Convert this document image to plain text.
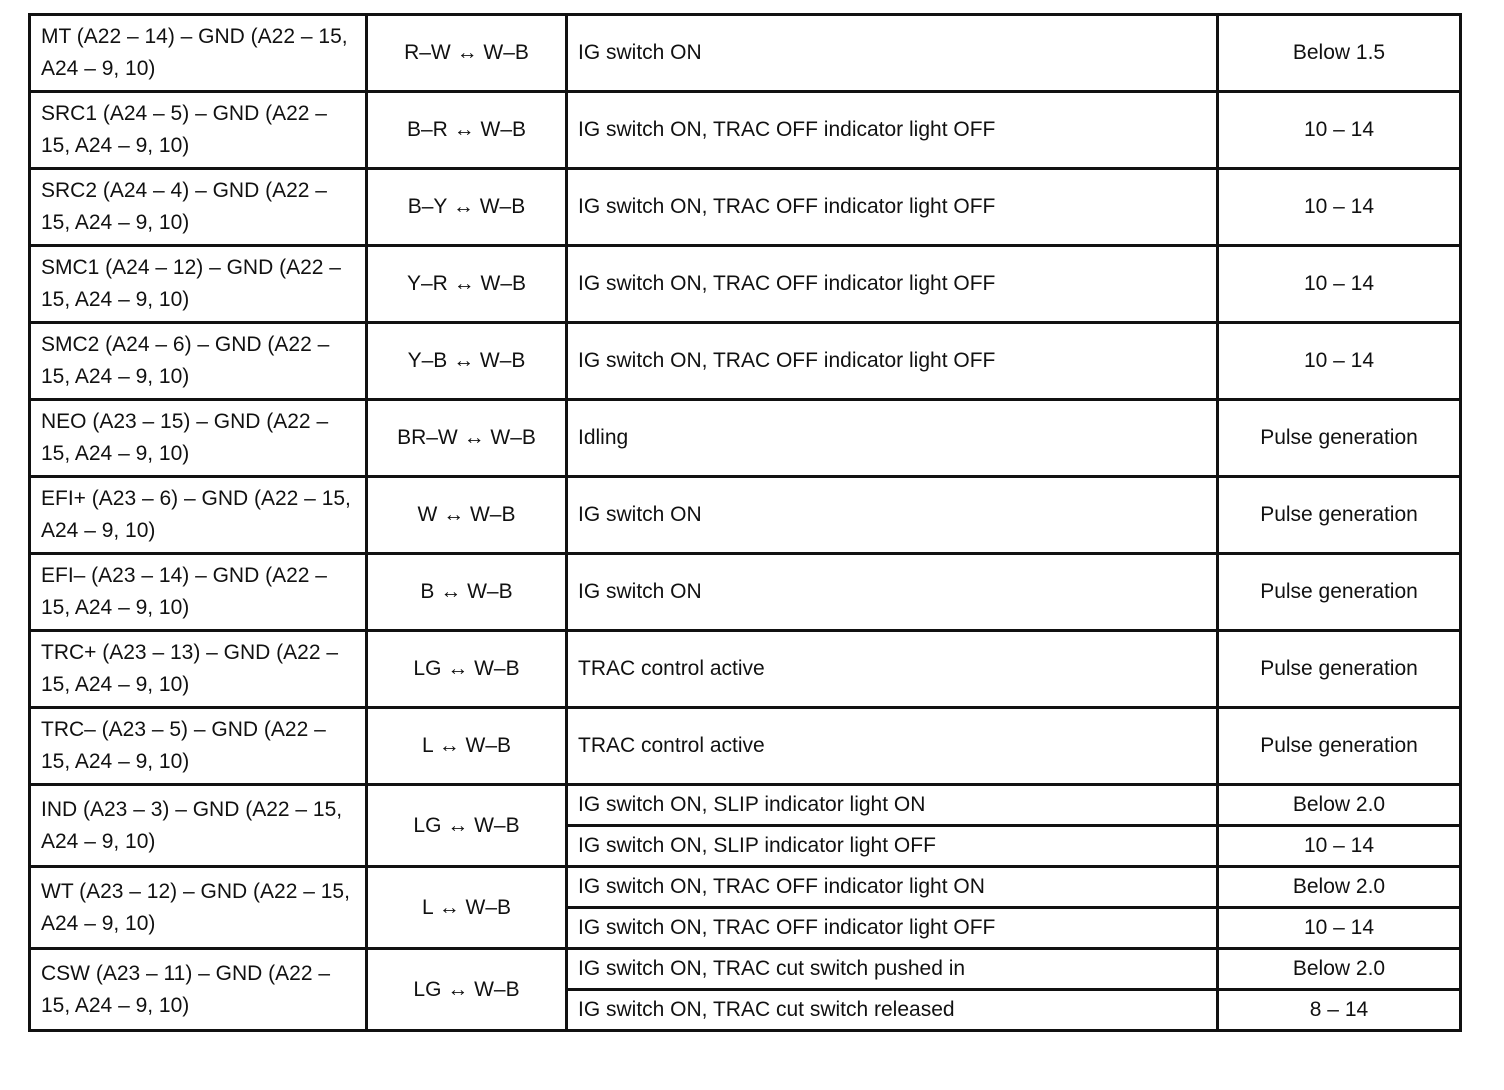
MT (A22 – 14) – GND (A22 – 15, A24 – 9, 10)	R–W ↔ W–B	IG switch ON	Below 1.5
SRC1 (A24 – 5) – GND (A22 – 15, A24 – 9, 10)	B–R ↔ W–B	IG switch ON, TRAC OFF indicator light OFF	10 – 14
SRC2 (A24 – 4) – GND (A22 – 15, A24 – 9, 10)	B–Y ↔ W–B	IG switch ON, TRAC OFF indicator light OFF	10 – 14
SMC1 (A24 – 12) – GND (A22 – 15, A24 – 9, 10)	Y–R ↔ W–B	IG switch ON, TRAC OFF indicator light OFF	10 – 14
SMC2 (A24 – 6) – GND (A22 – 15, A24 – 9, 10)	Y–B ↔ W–B	IG switch ON, TRAC OFF indicator light OFF	10 – 14
NEO (A23 – 15) – GND (A22 – 15, A24 – 9, 10)	BR–W ↔ W–B	Idling	Pulse generation
EFI+ (A23 – 6) – GND (A22 – 15, A24 – 9, 10)	W ↔ W–B	IG switch ON	Pulse generation
EFI– (A23 – 14) – GND (A22 – 15, A24 – 9, 10)	B ↔ W–B	IG switch ON	Pulse generation
TRC+ (A23 – 13) – GND (A22 – 15, A24 – 9, 10)	LG ↔ W–B	TRAC control active	Pulse generation
TRC– (A23 – 5) – GND (A22 – 15, A24 – 9, 10)	L ↔ W–B	TRAC control active	Pulse generation
IND (A23 – 3) – GND (A22 – 15, A24 – 9, 10)	LG ↔ W–B	IG switch ON, SLIP indicator light ON	Below 2.0
		IG switch ON, SLIP indicator light OFF	10 – 14
WT (A23 – 12) – GND (A22 – 15, A24 – 9, 10)	L ↔ W–B	IG switch ON, TRAC OFF indicator light ON	Below 2.0
		IG switch ON, TRAC OFF indicator light OFF	10 – 14
CSW (A23 – 11) – GND (A22 – 15, A24 – 9, 10)	LG ↔ W–B	IG switch ON, TRAC cut switch pushed in	Below 2.0
		IG switch ON, TRAC cut switch released	8 – 14
